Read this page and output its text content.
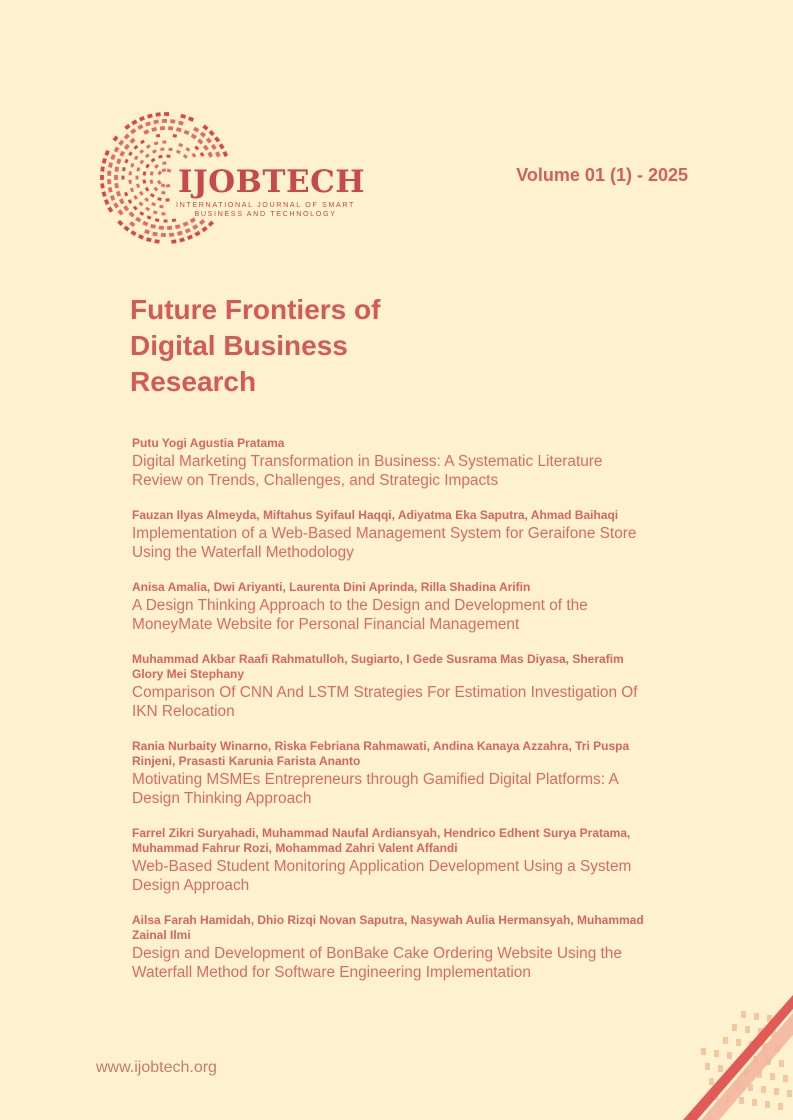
IJOBTECH
INTERNATIONAL JOURNAL OF SMART BUSINESS AND TECHNOLOGY
Volume 01 (1) - 2025
Future Frontiers of Digital Business Research
Putu Yogi Agustia Pratama
Digital Marketing Transformation in Business: A Systematic Literature Review on Trends, Challenges, and Strategic Impacts
Fauzan Ilyas Almeyda, Miftahus Syifaul Haqqi, Adiyatma Eka Saputra, Ahmad Baihaqi
Implementation of a Web-Based Management System for Geraifone Store Using the Waterfall Methodology
Anisa Amalia, Dwi Ariyanti, Laurenta Dini Aprinda, Rilla Shadina Arifin
A Design Thinking Approach to the Design and Development of the MoneyMate Website for Personal Financial Management
Muhammad Akbar Raafi Rahmatulloh, Sugiarto, I Gede Susrama Mas Diyasa, Sherafim Glory Mei Stephany
Comparison Of CNN And LSTM Strategies For Estimation Investigation Of IKN Relocation
Rania Nurbaity Winarno, Riska Febriana Rahmawati, Andina Kanaya Azzahra, Tri Puspa Rinjeni, Prasasti Karunia Farista Ananto
Motivating MSMEs Entrepreneurs through Gamified Digital Platforms: A Design Thinking Approach
Farrel Zikri Suryahadi, Muhammad Naufal Ardiansyah, Hendrico Edhent Surya Pratama, Muhammad Fahrur Rozi, Mohammad Zahri Valent Affandi
Web-Based Student Monitoring Application Development Using a System Design Approach
Ailsa Farah Hamidah, Dhio Rizqi Novan Saputra, Nasywah Aulia Hermansyah, Muhammad Zainal Ilmi
Design and Development of BonBake Cake Ordering Website Using the Waterfall Method for Software Engineering Implementation
www.ijobtech.org
